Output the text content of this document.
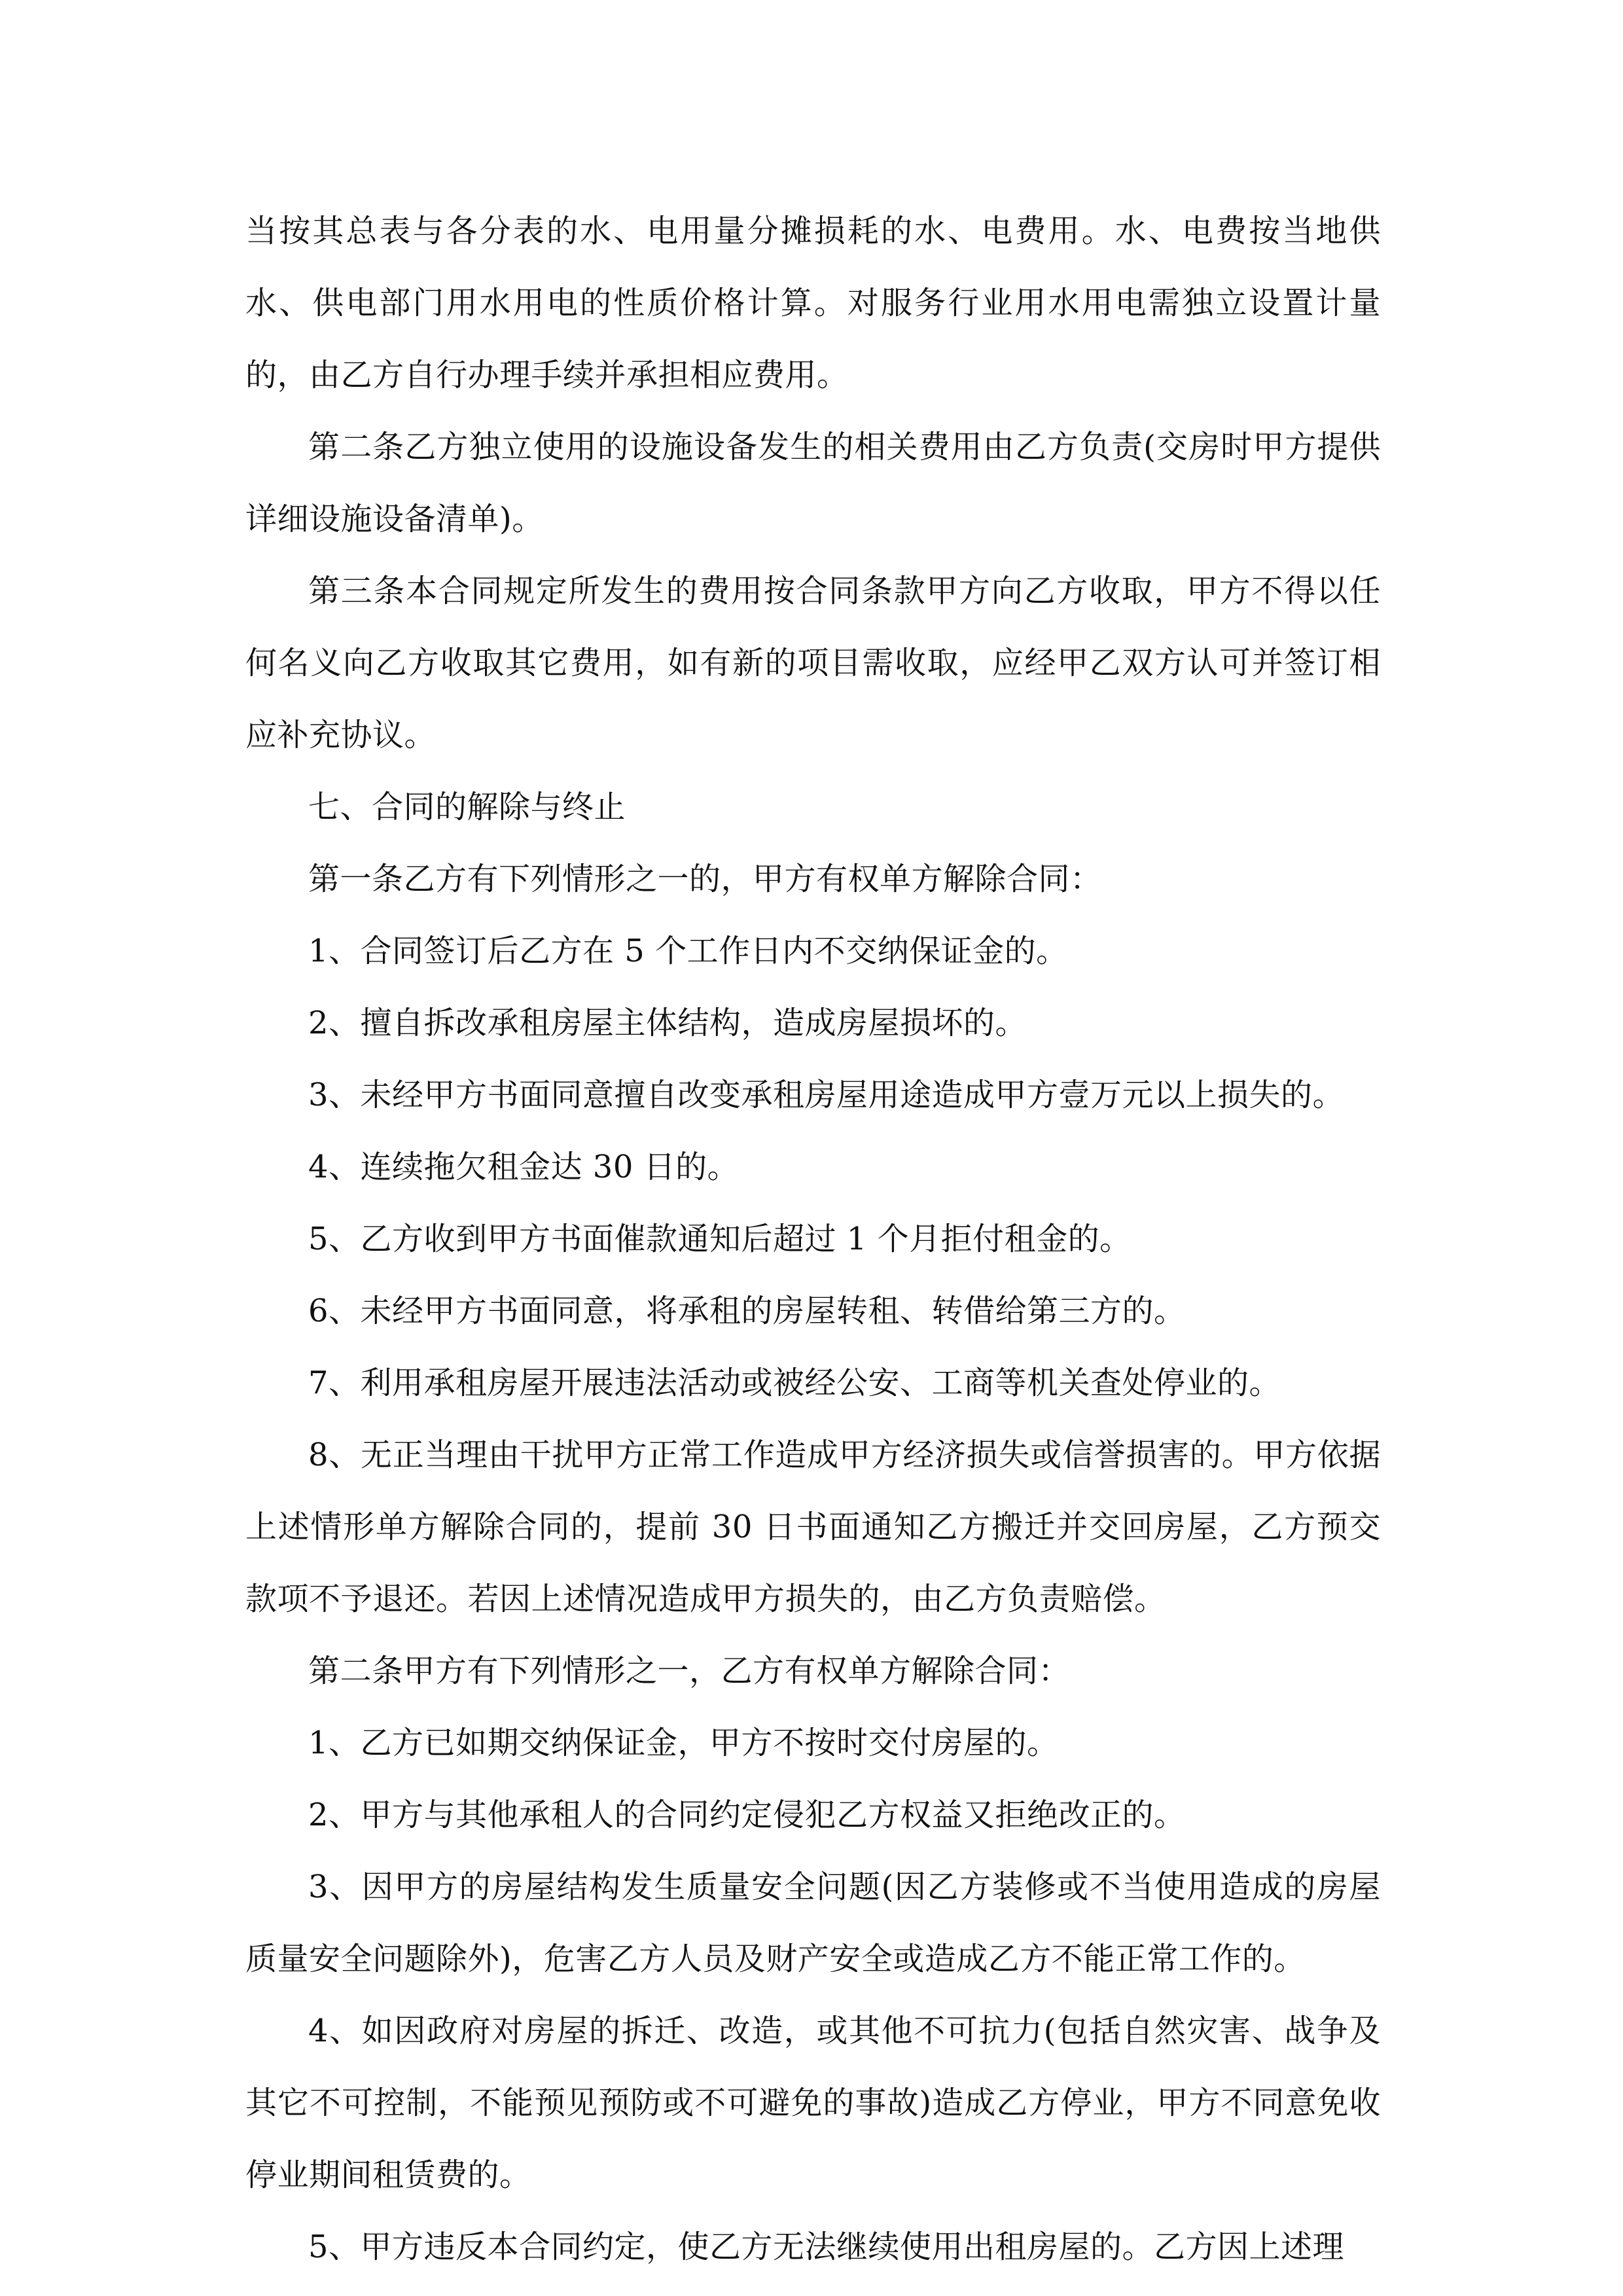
当按其总表与各分表的水、电用量分摊损耗的水、电费用。水、电费按当地供水、供电部门用水用电的性质价格计算。对服务行业用水用电需独立设置计量的，由乙方自行办理手续并承担相应费用。

第二条乙方独立使用的设施设备发生的相关费用由乙方负责(交房时甲方提供详细设施设备清单)。

第三条本合同规定所发生的费用按合同条款甲方向乙方收取，甲方不得以任何名义向乙方收取其它费用，如有新的项目需收取，应经甲乙双方认可并签订相应补充协议。

七、合同的解除与终止

第一条乙方有下列情形之一的，甲方有权单方解除合同：

1、合同签订后乙方在 5 个工作日内不交纳保证金的。

2、擅自拆改承租房屋主体结构，造成房屋损坏的。

3、未经甲方书面同意擅自改变承租房屋用途造成甲方壹万元以上损失的。

4、连续拖欠租金达 30 日的。

5、乙方收到甲方书面催款通知后超过 1 个月拒付租金的。

6、未经甲方书面同意，将承租的房屋转租、转借给第三方的。

7、利用承租房屋开展违法活动或被经公安、工商等机关查处停业的。

8、无正当理由干扰甲方正常工作造成甲方经济损失或信誉损害的。甲方依据上述情形单方解除合同的，提前 30 日书面通知乙方搬迁并交回房屋，乙方预交款项不予退还。若因上述情况造成甲方损失的，由乙方负责赔偿。

第二条甲方有下列情形之一，乙方有权单方解除合同：

1、乙方已如期交纳保证金，甲方不按时交付房屋的。

2、甲方与其他承租人的合同约定侵犯乙方权益又拒绝改正的。

3、因甲方的房屋结构发生质量安全问题(因乙方装修或不当使用造成的房屋质量安全问题除外)，危害乙方人员及财产安全或造成乙方不能正常工作的。

4、如因政府对房屋的拆迁、改造，或其他不可抗力(包括自然灾害、战争及其它不可控制，不能预见预防或不可避免的事故)造成乙方停业，甲方不同意免收停业期间租赁费的。

5、甲方违反本合同约定，使乙方无法继续使用出租房屋的。乙方因上述理
